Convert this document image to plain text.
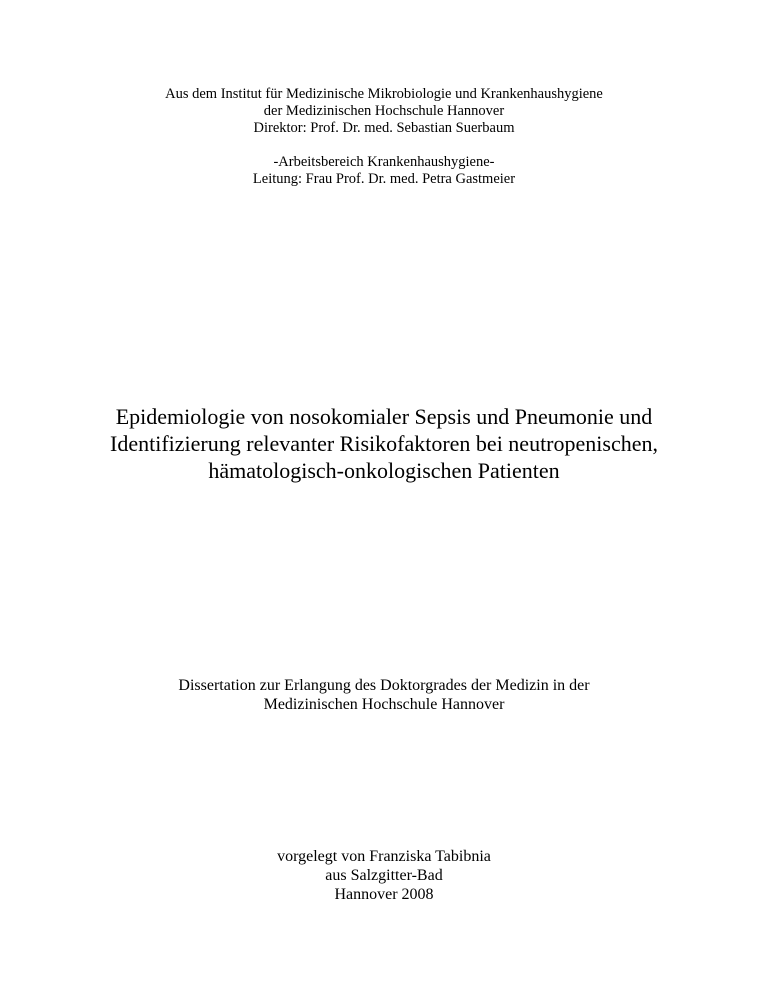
Aus dem Institut für Medizinische Mikrobiologie und Krankenhaushygiene
der Medizinischen Hochschule Hannover
Direktor: Prof. Dr. med. Sebastian Suerbaum
-Arbeitsbereich Krankenhaushygiene-
Leitung: Frau Prof. Dr. med. Petra Gastmeier
Epidemiologie von nosokomialer Sepsis und Pneumonie und
Identifizierung relevanter Risikofaktoren bei neutropenischen,
hämatologisch-onkologischen Patienten
Dissertation zur Erlangung des Doktorgrades der Medizin in der
Medizinischen Hochschule Hannover
vorgelegt von Franziska Tabibnia
aus Salzgitter-Bad
Hannover 2008
